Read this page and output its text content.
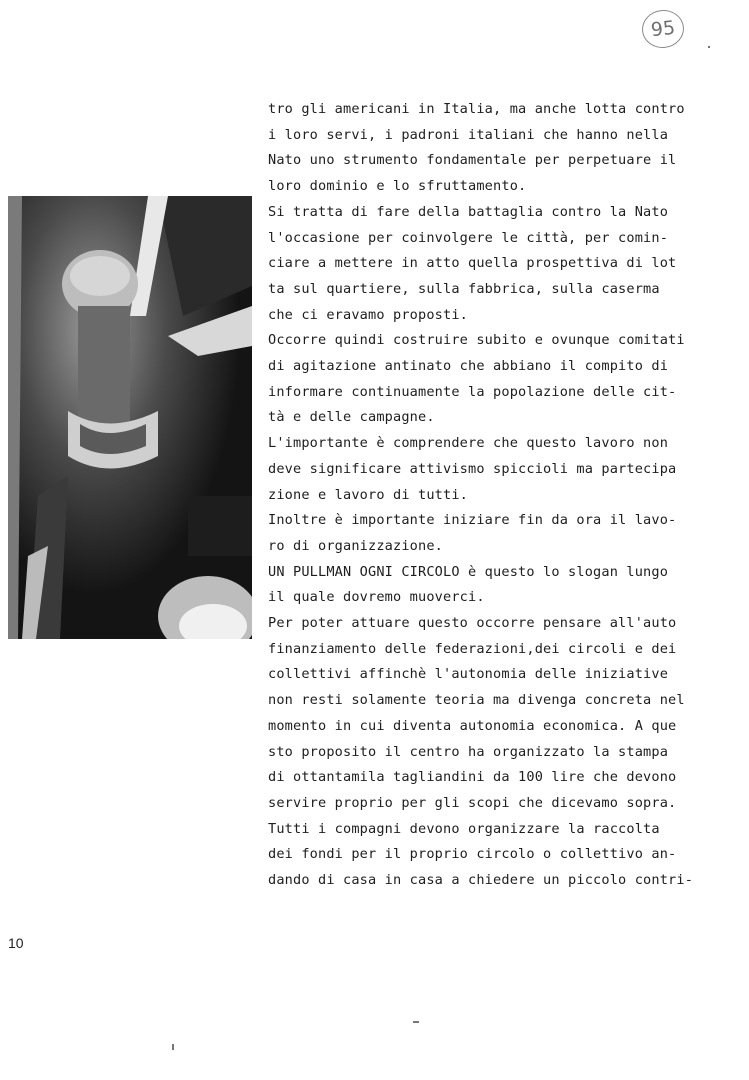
95
tro gli americani in Italia, ma anche lotta contro
i loro servi, i padroni italiani che hanno nella
Nato uno strumento fondamentale per perpetuare il
loro dominio e lo sfruttamento.
Si tratta di fare della battaglia contro la Nato
l'occasione per coinvolgere le città, per comin-
ciare a mettere in atto quella prospettiva di lot
ta sul quartiere, sulla fabbrica, sulla caserma
che ci eravamo proposti.
Occorre quindi costruire subito e ovunque comitati
di agitazione antinato che abbiano il compito di
informare continuamente la popolazione delle cit-
tà e delle campagne.
L'importante è comprendere che questo lavoro non
deve significare attivismo spiccioli ma partecipa
zione e lavoro di tutti.
Inoltre è importante iniziare fin da ora il lavo-
ro di organizzazione.
UN PULLMAN OGNI CIRCOLO è questo lo slogan lungo
il quale dovremo muoverci.
Per poter attuare questo occorre pensare all'auto
finanziamento delle federazioni,dei circoli e dei
collettivi affinchè l'autonomia delle iniziative
non resti solamente teoria ma divenga concreta nel
momento in cui diventa autonomia economica. A que
sto proposito il centro ha organizzato la stampa
di ottantamila tagliandini da 100 lire che devono
servire proprio per gli scopi che dicevamo sopra.
Tutti i compagni devono organizzare la raccolta
dei fondi per il proprio circolo o collettivo an-
dando di casa in casa a chiedere un piccolo contri-
10
